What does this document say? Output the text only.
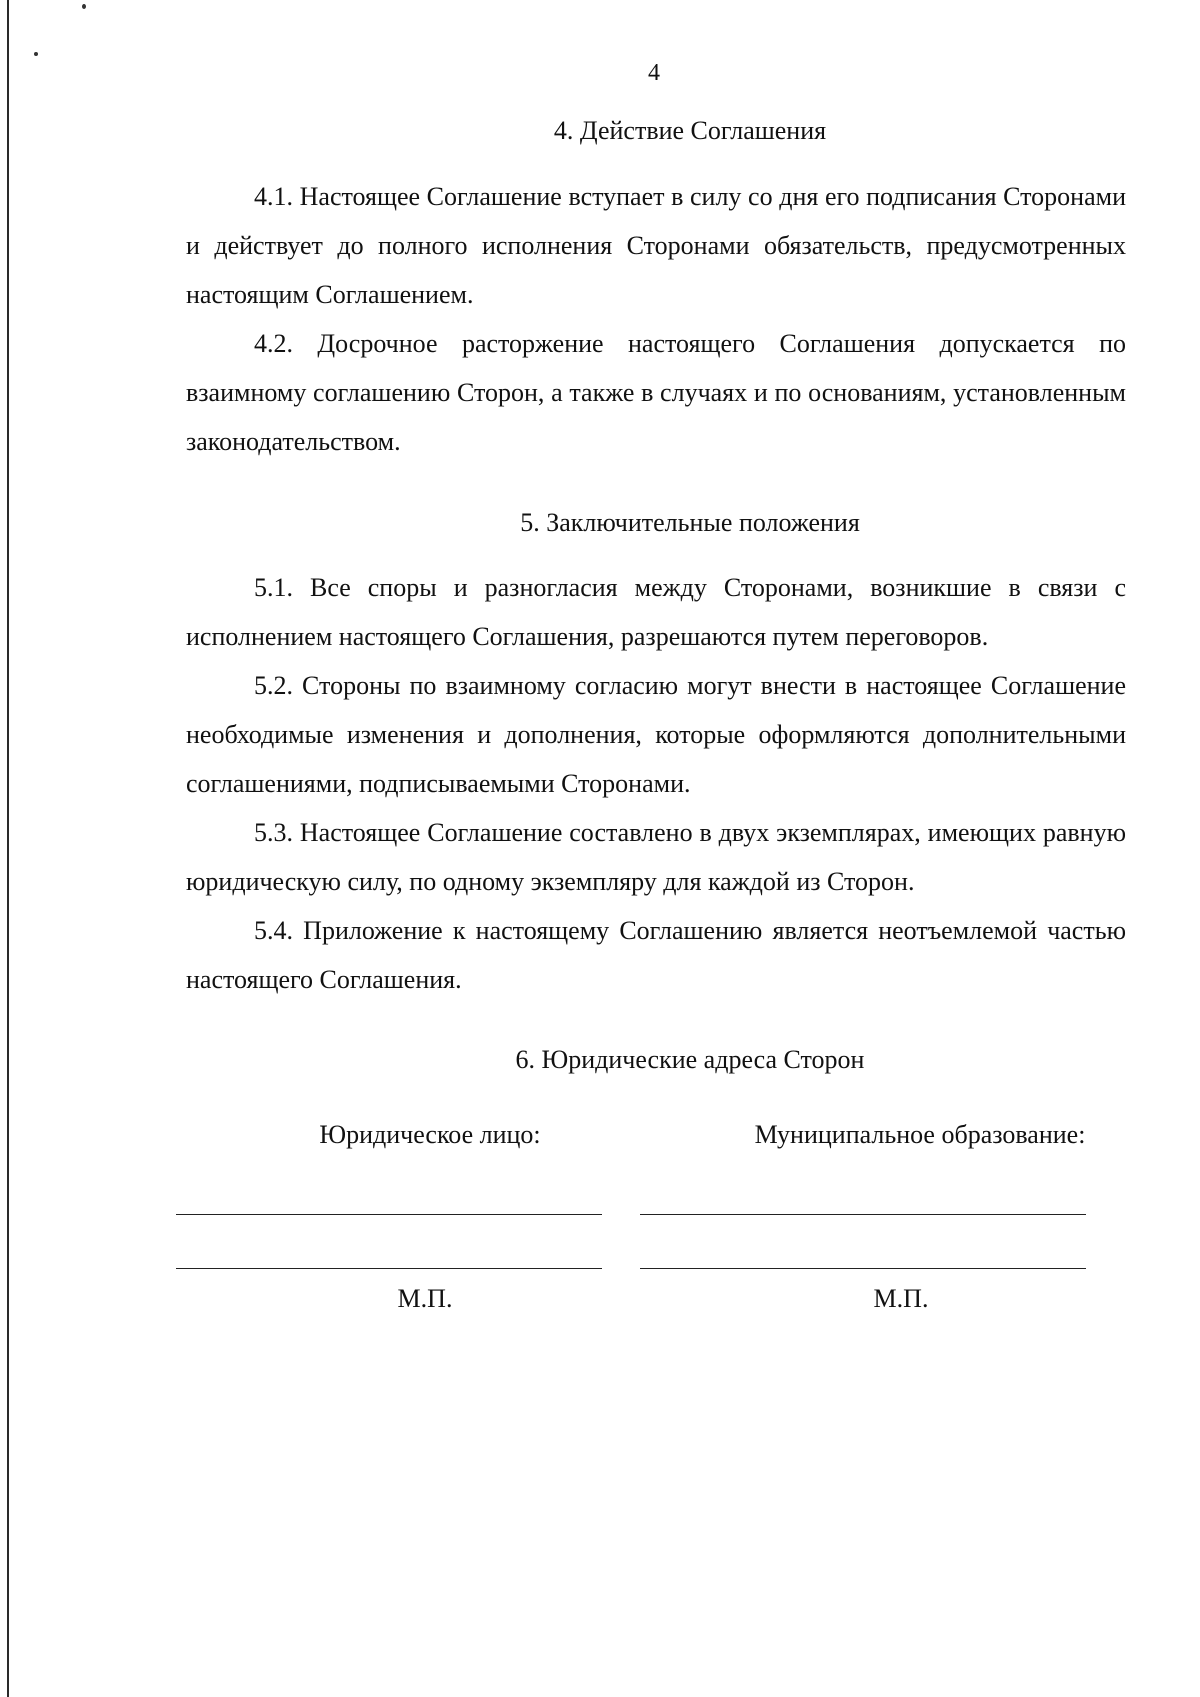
4
4. Действие Соглашения

4.1. Настоящее Соглашение вступает в силу со дня его подписания Сторонами и действует до полного исполнения Сторонами обязательств, предусмотренных настоящим Соглашением.

4.2. Досрочное расторжение настоящего Соглашения допускается по взаимному соглашению Сторон, а также в случаях и по основаниям, установленным законодательством.

5. Заключительные положения

5.1. Все споры и разногласия между Сторонами, возникшие в связи с исполнением настоящего Соглашения, разрешаются путем переговоров.

5.2. Стороны по взаимному согласию могут внести в настоящее Соглашение необходимые изменения и дополнения, которые оформляются дополнительными соглашениями, подписываемыми Сторонами.

5.3. Настоящее Соглашение составлено в двух экземплярах, имеющих равную юридическую силу, по одному экземпляру для каждой из Сторон.

5.4. Приложение к настоящему Соглашению является неотъемлемой частью настоящего Соглашения.

6. Юридические адреса Сторон
Юридическое лицо:	Муниципальное образование:
М.П.	М.П.
